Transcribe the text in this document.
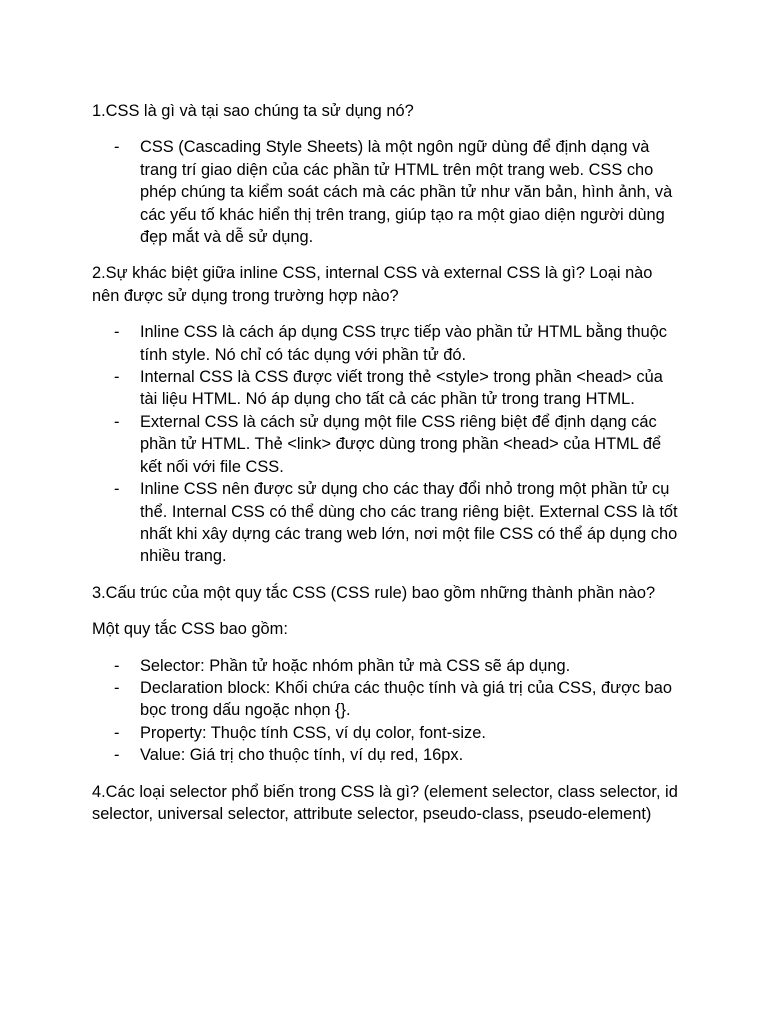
1.CSS là gì và tại sao chúng ta sử dụng nó?

- CSS (Cascading Style Sheets) là một ngôn ngữ dùng để định dạng và trang trí giao diện của các phần tử HTML trên một trang web. CSS cho phép chúng ta kiểm soát cách mà các phần tử như văn bản, hình ảnh, và các yếu tố khác hiển thị trên trang, giúp tạo ra một giao diện người dùng đẹp mắt và dễ sử dụng.

2.Sự khác biệt giữa inline CSS, internal CSS và external CSS là gì? Loại nào nên được sử dụng trong trường hợp nào?

- Inline CSS là cách áp dụng CSS trực tiếp vào phần tử HTML bằng thuộc tính style. Nó chỉ có tác dụng với phần tử đó.
- Internal CSS là CSS được viết trong thẻ <style> trong phần <head> của tài liệu HTML. Nó áp dụng cho tất cả các phần tử trong trang HTML.
- External CSS là cách sử dụng một file CSS riêng biệt để định dạng các phần tử HTML. Thẻ <link> được dùng trong phần <head> của HTML để kết nối với file CSS.
- Inline CSS nên được sử dụng cho các thay đổi nhỏ trong một phần tử cụ thể. Internal CSS có thể dùng cho các trang riêng biệt. External CSS là tốt nhất khi xây dựng các trang web lớn, nơi một file CSS có thể áp dụng cho nhiều trang.

3.Cấu trúc của một quy tắc CSS (CSS rule) bao gồm những thành phần nào?

Một quy tắc CSS bao gồm:

- Selector: Phần tử hoặc nhóm phần tử mà CSS sẽ áp dụng.
- Declaration block: Khối chứa các thuộc tính và giá trị của CSS, được bao bọc trong dấu ngoặc nhọn {}.
- Property: Thuộc tính CSS, ví dụ color, font-size.
- Value: Giá trị cho thuộc tính, ví dụ red, 16px.

4.Các loại selector phổ biến trong CSS là gì? (element selector, class selector, id selector, universal selector, attribute selector, pseudo-class, pseudo-element)
